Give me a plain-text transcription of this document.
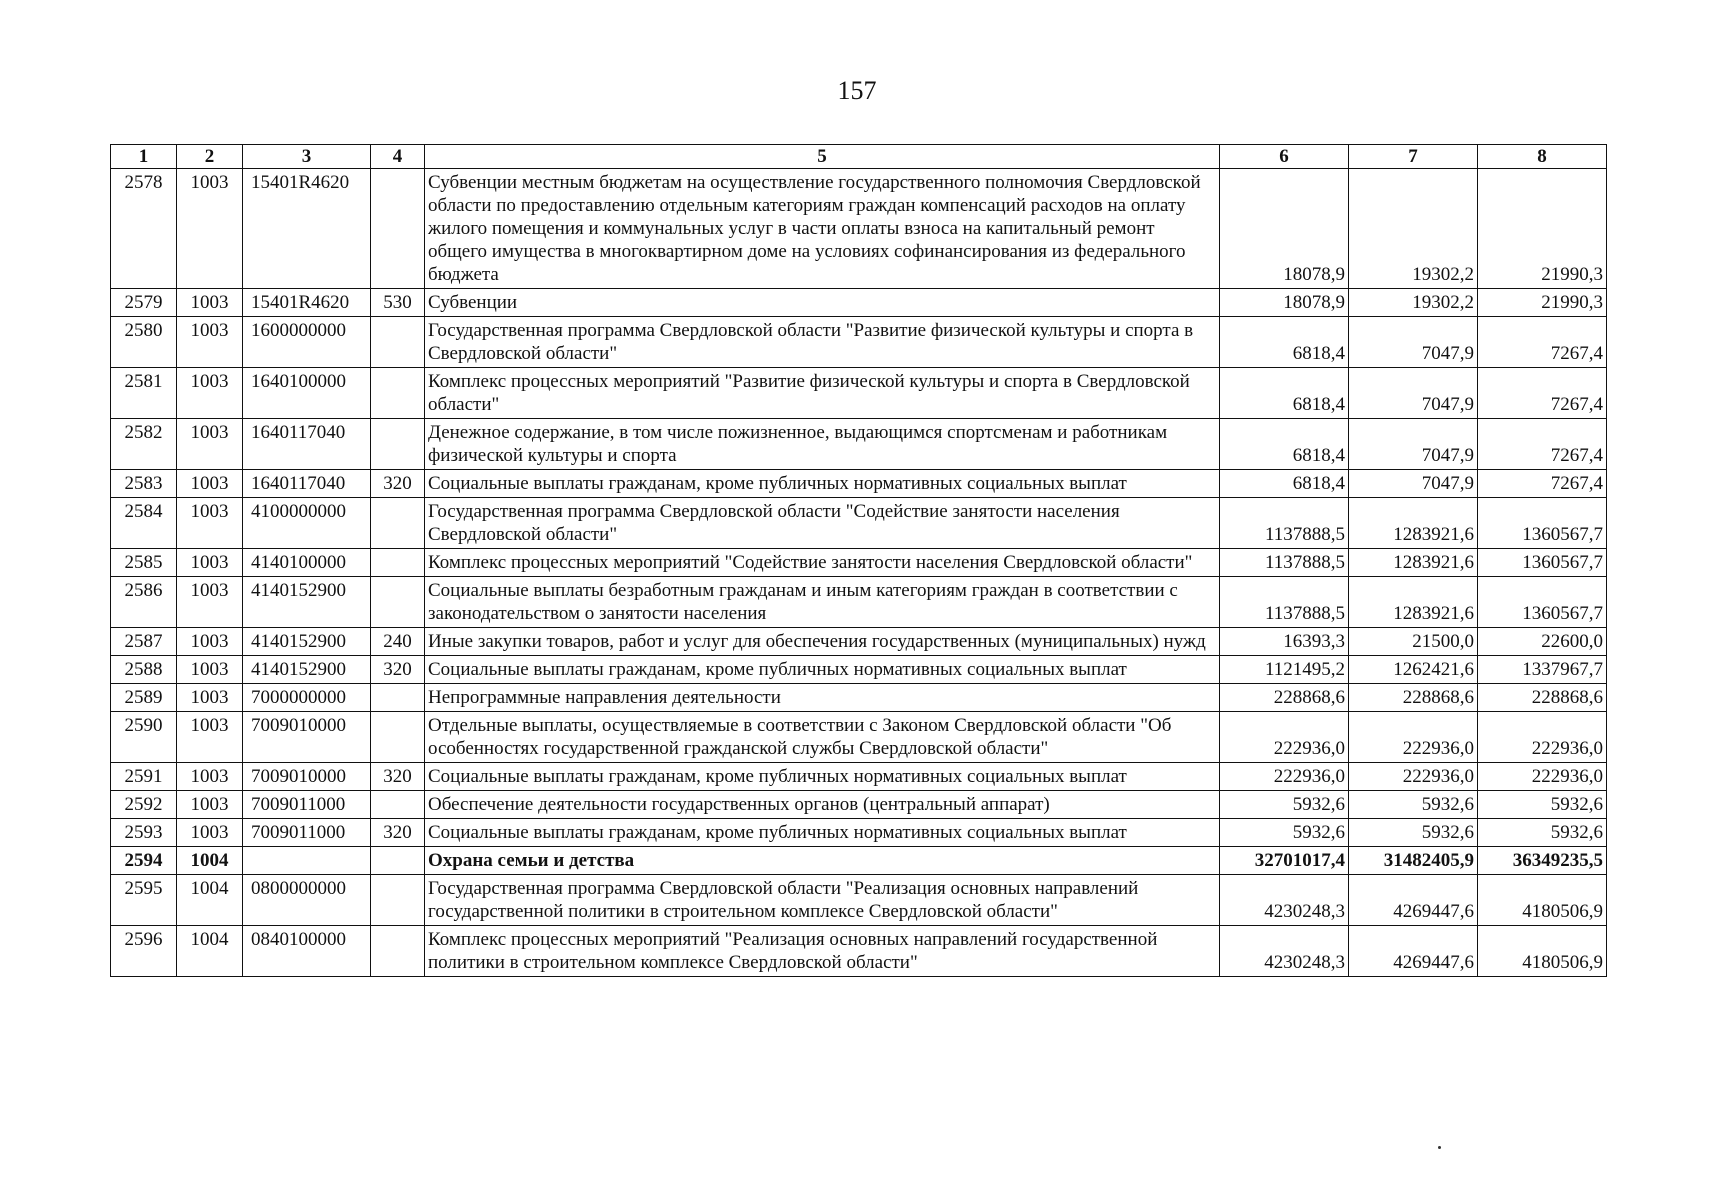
157
1	2	3	4	5	6	7	8
2578	1003	15401R4620		Субвенции местным бюджетам на осуществление государственного полномочия Свердловской области по предоставлению отдельным категориям граждан компенсаций расходов на оплату жилого помещения и коммунальных услуг в части оплаты взноса на капитальный ремонт общего имущества в многоквартирном доме на условиях софинансирования из федерального бюджета	18078,9	19302,2	21990,3
2579	1003	15401R4620	530	Субвенции	18078,9	19302,2	21990,3
2580	1003	1600000000		Государственная программа Свердловской области "Развитие физической культуры и спорта в Свердловской области"	6818,4	7047,9	7267,4
2581	1003	1640100000		Комплекс процессных мероприятий "Развитие физической культуры и спорта в Свердловской области"	6818,4	7047,9	7267,4
2582	1003	1640117040		Денежное содержание, в том числе пожизненное, выдающимся спортсменам и работникам физической культуры и спорта	6818,4	7047,9	7267,4
2583	1003	1640117040	320	Социальные выплаты гражданам, кроме публичных нормативных социальных выплат	6818,4	7047,9	7267,4
2584	1003	4100000000		Государственная программа Свердловской области "Содействие занятости населения Свердловской области"	1137888,5	1283921,6	1360567,7
2585	1003	4140100000		Комплекс процессных мероприятий "Содействие занятости населения Свердловской области"	1137888,5	1283921,6	1360567,7
2586	1003	4140152900		Социальные выплаты безработным гражданам и иным категориям граждан в соответствии с законодательством о занятости населения	1137888,5	1283921,6	1360567,7
2587	1003	4140152900	240	Иные закупки товаров, работ и услуг для обеспечения государственных (муниципальных) нужд	16393,3	21500,0	22600,0
2588	1003	4140152900	320	Социальные выплаты гражданам, кроме публичных нормативных социальных выплат	1121495,2	1262421,6	1337967,7
2589	1003	7000000000		Непрограммные направления деятельности	228868,6	228868,6	228868,6
2590	1003	7009010000		Отдельные выплаты, осуществляемые в соответствии с Законом Свердловской области "Об особенностях государственной гражданской службы Свердловской области"	222936,0	222936,0	222936,0
2591	1003	7009010000	320	Социальные выплаты гражданам, кроме публичных нормативных социальных выплат	222936,0	222936,0	222936,0
2592	1003	7009011000		Обеспечение деятельности государственных органов (центральный аппарат)	5932,6	5932,6	5932,6
2593	1003	7009011000	320	Социальные выплаты гражданам, кроме публичных нормативных социальных выплат	5932,6	5932,6	5932,6
2594	1004			Охрана семьи и детства	32701017,4	31482405,9	36349235,5
2595	1004	0800000000		Государственная программа Свердловской области "Реализация основных направлений государственной политики в строительном комплексе Свердловской области"	4230248,3	4269447,6	4180506,9
2596	1004	0840100000		Комплекс процессных мероприятий "Реализация основных направлений государственной политики в строительном комплексе Свердловской области"	4230248,3	4269447,6	4180506,9
